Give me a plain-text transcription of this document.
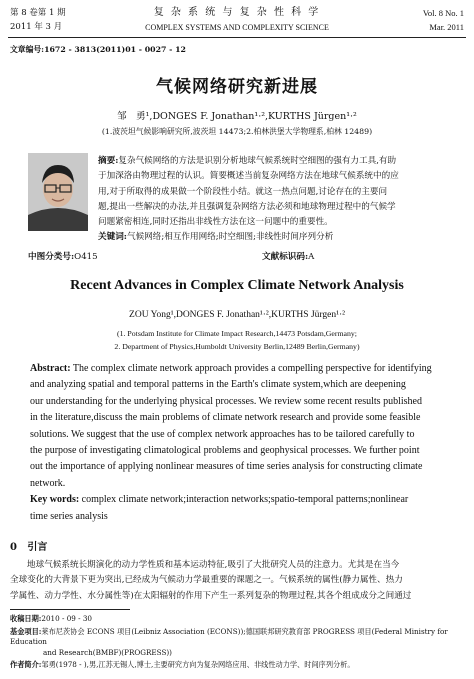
第 8 卷第 1 期
2011 年 3 月
复 杂 系 统 与 复 杂 性 科 学
COMPLEX SYSTEMS AND COMPLEXITY SCIENCE
Vol. 8 No. 1
Mar. 2011
文章编号:1672 - 3813(2011)01 - 0027 - 12
气候网络研究新进展
邹　勇¹,DONGES F. Jonathan¹·²,KURTHS Jürgen¹·²
(1.波茨坦气候影响研究所,波茨坦 14473;2.柏林洪堡大学物理系,柏林 12489)
摘要:复杂气候网络的方法是识别分析地球气候系统时空细图的强有力工具,有助
于加深洛由物理过程的认识。简要概述当前复杂网络方法在地球气候系统中的应
用,对于所取得的成果做一个阶段性小结。就这一热点问题,讨论存在的主要问
题,提出一些解决的办法,并且强调复杂网络方法必须和地球物理过程中的气候学
问题紧密相连,同时还指出非线性方法在这一问题中的重要性。
关键词:气候网络;相互作用网络;时空细图;非线性时间序列分析
中图分类号:O415	文献标识码:A
Recent Advances in Complex Climate Network Analysis
ZOU Yong¹,DONGES F. Jonathan¹·²,KURTHS Jürgen¹·²
(1. Potsdam Institute for Climate Impact Research,14473 Potsdam,Germany;
2. Department of Physics,Humboldt University Berlin,12489 Berlin,Germany)
Abstract: The complex climate network approach provides a compelling perspective for identifying
and analyzing spatial and temporal patterns in the Earth's climate system,which are deepening
our understanding for the underlying physical processes. We review some recent results published
in the literature,discuss the main problems of climate network research and provide some feasible
solutions. We suggest that the use of complex network approaches has to be tailored carefully to
the purpose of investigating climatological problems and geophysical processes. We further point
out the importance of applying nonlinear measures of time series analysis for constructing climate
network.
Key words: complex climate network;interaction networks;spatio-temporal patterns;nonlinear
time series analysis
0 引言
地球气候系统长期演化的动力学性质和基本运动特征,吸引了大批研究人员的注意力。尤其是在当今
全球变化的大背景下更为突出,已经成为气候动力学最重要的课题之一。气候系统的属性(静力属性、热力
学属性、动力学性、水分属性等)在太阳辐射的作用下产生一系列复杂的物理过程,其各个组成成分之间通过
收稿日期:2010 - 09 - 30
基金项目:莱布尼茨协会 ECONS 项目(Leibniz Association (ECONS));德国联邦研究教育部 PROGRESS 项目(Federal Ministry for Education
and Research(BMBF)(PROGRESS))
作者简介:邹勇(1978 - ),男,江苏无锡人,博士,主要研究方向为复杂网络应用、非线性动力学、时间序列分析。
